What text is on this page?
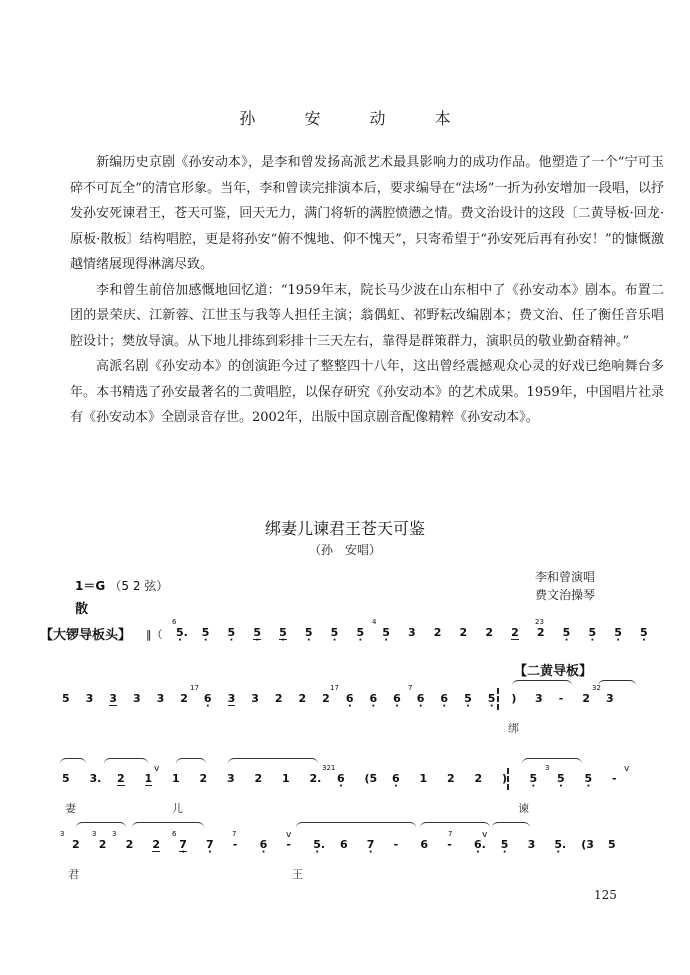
孙 安 动 本

新编历史京剧《孙安动本》，是李和曾发扬高派艺术最具影响力的成功作品。他塑造了一个“宁可玉碎不可瓦全”的清官形象。当年，李和曾读完排演本后，要求编导在“法场”一折为孙安增加一段唱，以抒发孙安死谏君王，苍天可鉴，回天无力，满门将斩的满腔愤懑之情。费文治设计的这段〔二黄导板·回龙·原板·散板〕结构唱腔，更是将孙安“俯不愧地、仰不愧天”，只寄希望于“孙安死后再有孙安！”的慷慨激越情绪展现得淋漓尽致。

李和曾生前倍加感慨地回忆道：“1959年末，院长马少波在山东相中了《孙安动本》剧本。布置二团的景荣庆、江新蓉、江世玉与我等人担任主演；翁偶虹、祁野耘改编剧本；费文治、任了衡任音乐唱腔设计；樊放导演。从下地儿排练到彩排十三天左右，靠得是群策群力，演职员的敬业勤奋精神。”

高派名剧《孙安动本》的创演距今过了整整四十八年，这出曾经震撼观众心灵的好戏已绝响舞台多年。本书精选了孙安最著名的二黄唱腔，以保存研究《孙安动本》的艺术成果。1959年，中国唱片社录有《孙安动本》全剧录音存世。2002年，出版中国京剧音配像精粹《孙安动本》。

绑妻儿谏君王苍天可鉴
（孙　安唱）
李和曾演唱
费文治操琴
1＝G （5 2 弦）
散
【大锣导板头】 ‖（
6
5. · 5 · 5 · 5 · 5 · 5 · 5 · 5 · 5 · 3 2 2 2 2 2 5 · 5 · 5 · 5 ·
4	23
【二黄导板】
5 3 3 3 3 2 6 · 3 3 2 2 2 6 · 6 · 6 · 6 · 6 · 5 · 5 · ) 3 - 2 3
17	17	7	32
绑
5 3. 2 1 1 2 3 2 1 2. 6 · (5 6 · 1 2 2 ) 5 · 5 · 5 · -
321	3
v	v
妻	儿	谏
2 2 2 2 7 · 7 · - 6 · - 5. · 6 7 · - 6 - 6. · 5 · 3 5. · (3 5
3	3 3	6	7	7
v	v
君	王
125
